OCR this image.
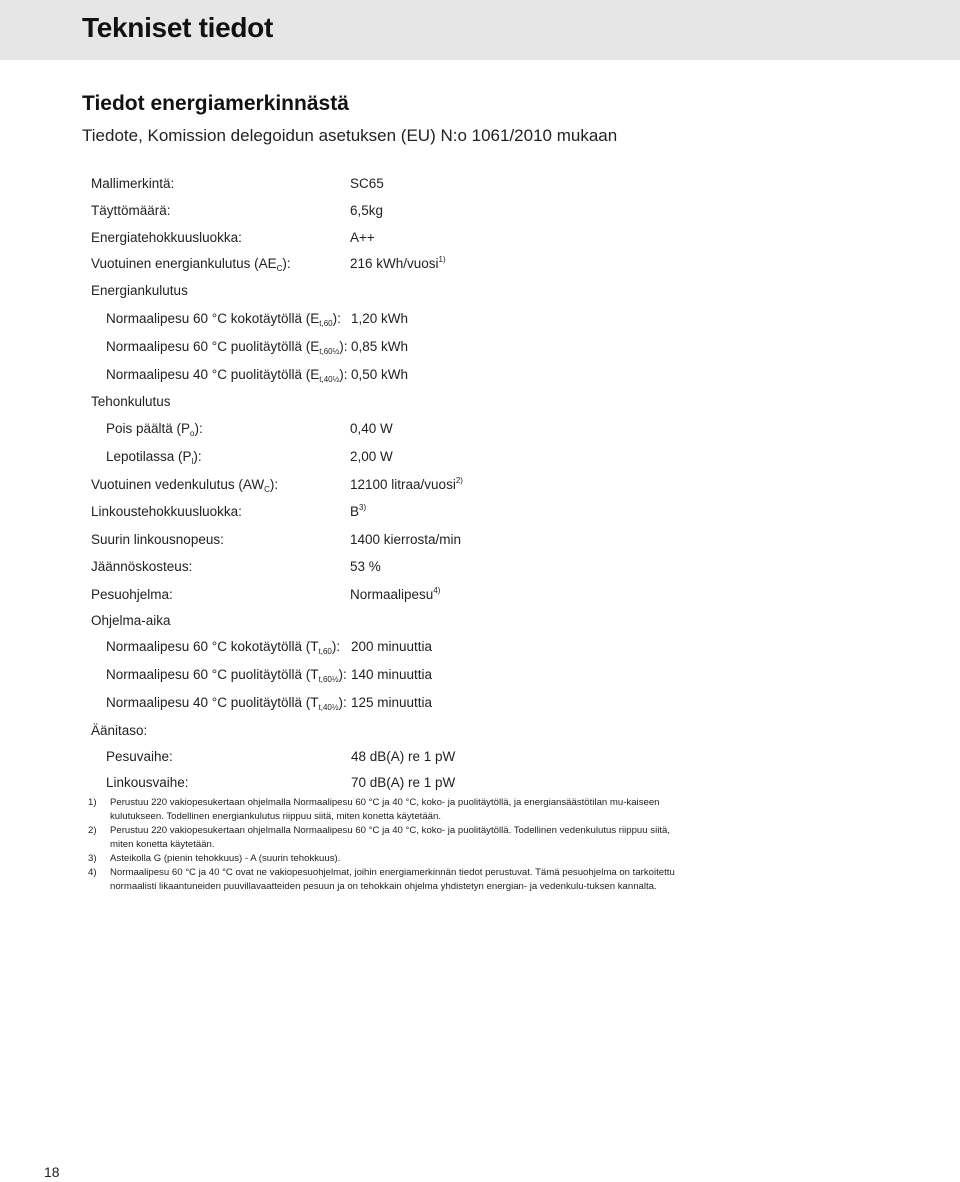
Tekniset tiedot
Tiedot energiamerkinnästä
Tiedote, Komission delegoidun asetuksen (EU) N:o 1061/2010 mukaan
Mallimerkintä:	SC65
Täyttömäärä:	6,5kg
Energiatehokkuusluokka:	A++
Vuotuinen energiankulutus $(AE_C)$:	216 kWh/vuosi$^{1)}$
Energiankulutus
Normaalipesu 60 °C kokotäytöllä $(E_{t,60})$: 1,20 kWh
Normaalipesu 60 °C puolitäytöllä $(E_{t,60\frac{1}{2}})$: 0,85 kWh
Normaalipesu 40 °C puolitäytöllä $(E_{t,40\frac{1}{2}})$: 0,50 kWh
Tehonkulutus
Pois päältä $(P_o)$:	0,40 W
Lepotilassa $(P_l)$:	2,00 W
Vuotuinen vedenkulutus $(AW_C)$:	12100 litraa/vuosi$^{2)}$
Linkoustehokkuusluokka:	$B^{3)}$
Suurin linkousnopeus:	1400 kierrosta/min
Jäännöskosteus:	53 %
Pesuohjelma:	Normaalipesu$^{4)}$
Ohjelma-aika
Normaalipesu 60 °C kokotäytöllä $(T_{t,60})$: 200 minuuttia
Normaalipesu 60 °C puolitäytöllä $(T_{t,60\frac{1}{2}})$: 140 minuuttia
Normaalipesu 40 °C puolitäytöllä $(T_{t,40\frac{1}{2}})$: 125 minuuttia
Äänitaso:
Pesuvaihe:	48 dB(A) re 1 pW
Linkousvaihe:	70 dB(A) re 1 pW
1) Perustuu 220 vakiopesukertaan ohjelmalla Normaalipesu 60 °C ja 40 °C, koko- ja puolitäytöllä, ja energiansäästötilan mu-kaiseen kulutukseen. Todellinen energiankulutus riippuu siitä, miten konetta käytetään.
2) Perustuu 220 vakiopesukertaan ohjelmalla Normaalipesu 60 °C ja 40 °C, koko- ja puolitäytöllä. Todellinen vedenkulutus riippuu siitä, miten konetta käytetään.
3) Asteikolla G (pienin tehokkuus) - A (suurin tehokkuus).
4) Normaalipesu 60 °C ja 40 °C ovat ne vakiopesuohjelmat, joihin energiamerkinnän tiedot perustuvat. Tämä pesuohjelma on tarkoitettu normaalisti likaantuneiden puuvillavaatteiden pesuun ja on tehokkain ohjelma yhdistetyn energian- ja vedenkulu-tuksen kannalta.
18
